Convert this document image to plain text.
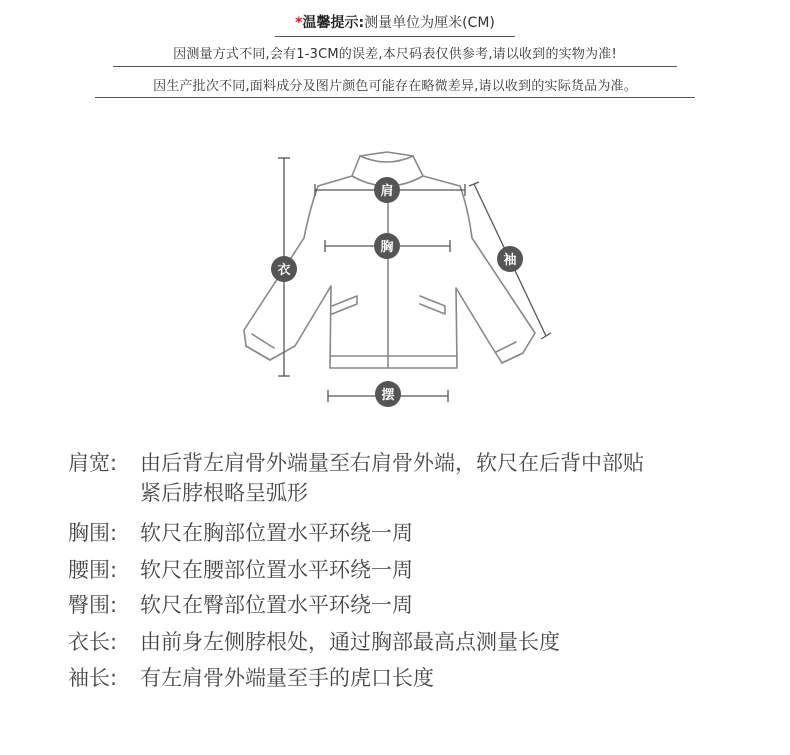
*温馨提示:测量单位为厘米(CM)
因测量方式不同,会有1-3CM的误差,本尺码表仅供参考,请以收到的实物为准!
因生产批次不同,面料成分及图片颜色可能存在略微差异,请以收到的实际货品为准。
肩
胸
衣
袖
摆
肩宽: 由后背左肩骨外端量至右肩骨外端，软尺在后背中部贴
紧后脖根略呈弧形
胸围: 软尺在胸部位置水平环绕一周
腰围: 软尺在腰部位置水平环绕一周
臀围: 软尺在臀部位置水平环绕一周
衣长: 由前身左侧脖根处，通过胸部最高点测量长度
袖长: 有左肩骨外端量至手的虎口长度
